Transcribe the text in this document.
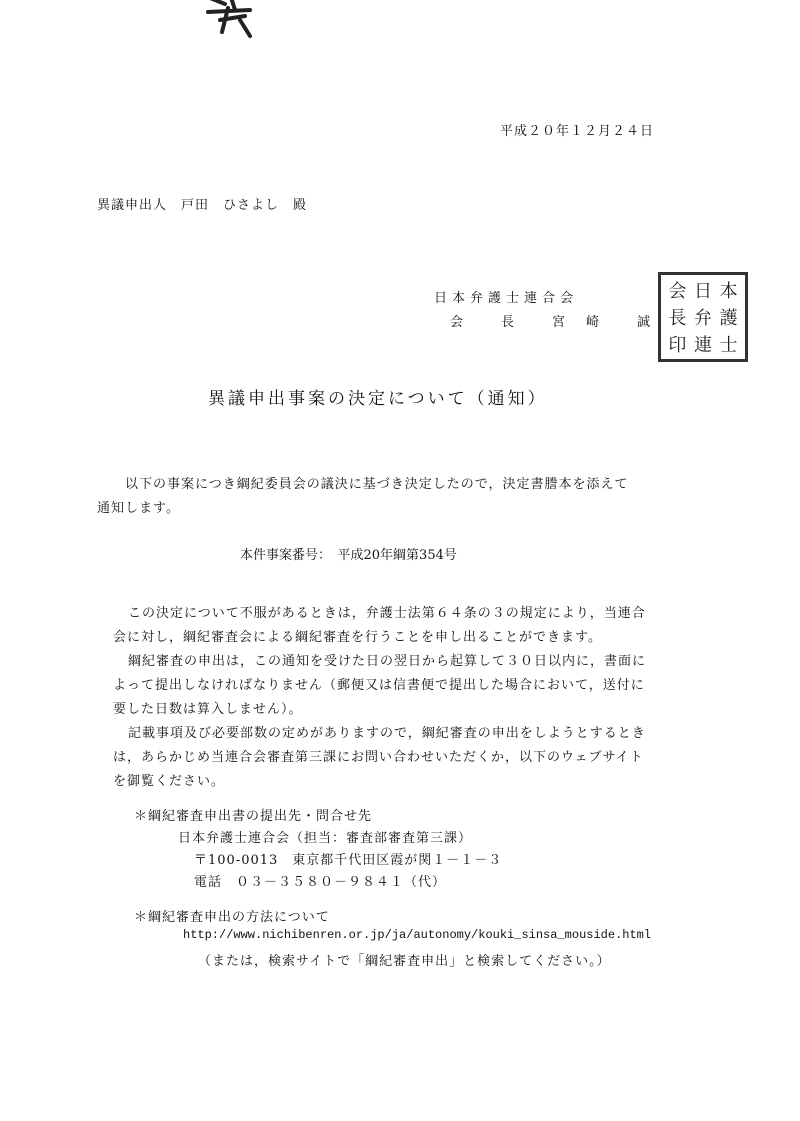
平成２０年１２月２４日
異議申出人　戸田　ひさよし　殿
日本弁護士連合会
会　　長　　宮　崎　　誠
会 日 本
長 弁 護
印 連 士
異議申出事案の決定について（通知）
以下の事案につき綱紀委員会の議決に基づき決定したので，決定書謄本を添えて
通知します。
本件事案番号：　平成20年綱第354号
この決定について不服があるときは，弁護士法第６４条の３の規定により，当連合
会に対し，綱紀審査会による綱紀審査を行うことを申し出ることができます。
綱紀審査の申出は，この通知を受けた日の翌日から起算して３０日以内に，書面に
よって提出しなければなりません（郵便又は信書便で提出した場合において，送付に
要した日数は算入しません）。
記載事項及び必要部数の定めがありますので，綱紀審査の申出をしようとするとき
は，あらかじめ当連合会審査第三課にお問い合わせいただくか，以下のウェブサイト
を御覧ください。
＊綱紀審査申出書の提出先・問合せ先
日本弁護士連合会（担当：審査部審査第三課）
〒100-0013　東京都千代田区霞が関１－１－３
電話　０３－３５８０－９８４１（代）
＊綱紀審査申出の方法について
http://www.nichibenren.or.jp/ja/autonomy/kouki_sinsa_mouside.html
（または，検索サイトで「綱紀審査申出」と検索してください。）
